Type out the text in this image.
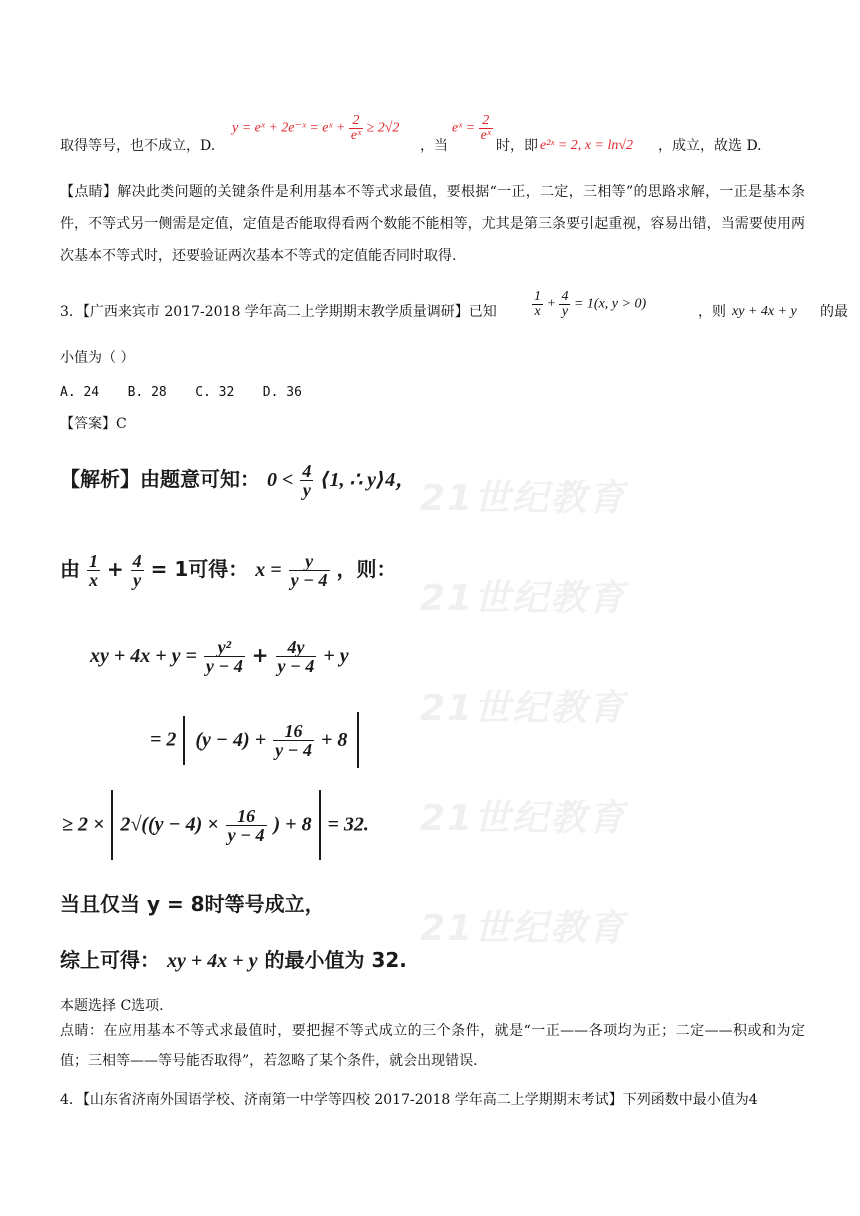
取得等号，也不成立，D.
y = eˣ + 2e⁻ˣ = eˣ + $\frac{2}{\text{eˣ}} \ge 2√2$
，当
eˣ = $\frac{2}{\text{eˣ}}$
时，即 e²ˣ = 2, x = ln√2 ，成立，故选 D.
【点睛】解决此类问题的关键条件是利用基本不等式求最值，要根据“一正，二定，三相等”的思路求解，一正是基本条件，不等式另一侧需是定值，定值是否能取得看两个数能不能相等，尤其是第三条要引起重视，容易出错，当需要使用两次基本不等式时，还要验证两次基本不等式的定值能否同时取得.
3．【广西来宾市 2017-2018 学年高二上学期期末教学质量调研】已知	$\frac{1}{x} + \frac{4}{y} = 1(x$, y > 0)	，则 xy + 4x + y 的最
小值为（ ）
A. 24 B. 28 C. 32 D. 36
【答案】C
21世纪教育
21世纪教育
21世纪教育
21世纪教育
21世纪教育
【解析】由题意可知： $0 < \frac{4}{y}$ ⟨1, ∴ y⟩4，
由 $\frac{1}{x} + \frac{4}{y} = 1$可得： $x = \frac{y}{y - 4}$ ，则：
xy + $4x + y = \frac{\text{y²}}{y - 4} + \frac{4y}{y - 4} + y$
= 2 $(y - 4) + \frac{16}{y - 4} + 8$
≥ $2 \times 2√((y - 4) \times \frac{16}{y - 4}$ ) + 8 = 32.
当且仅当 y = 8时等号成立，
综上可得： xy + 4x + y 的最小值为 32.
本题选择 C选项.
点睛：在应用基本不等式求最值时，要把握不等式成立的三个条件，就是“一正——各项均为正；二定——积或和为定值；三相等——等号能否取得”，若忽略了某个条件，就会出现错误.
4．【山东省济南外国语学校、济南第一中学等四校 2017-2018 学年高二上学期期末考试】下列函数中最小值为4
